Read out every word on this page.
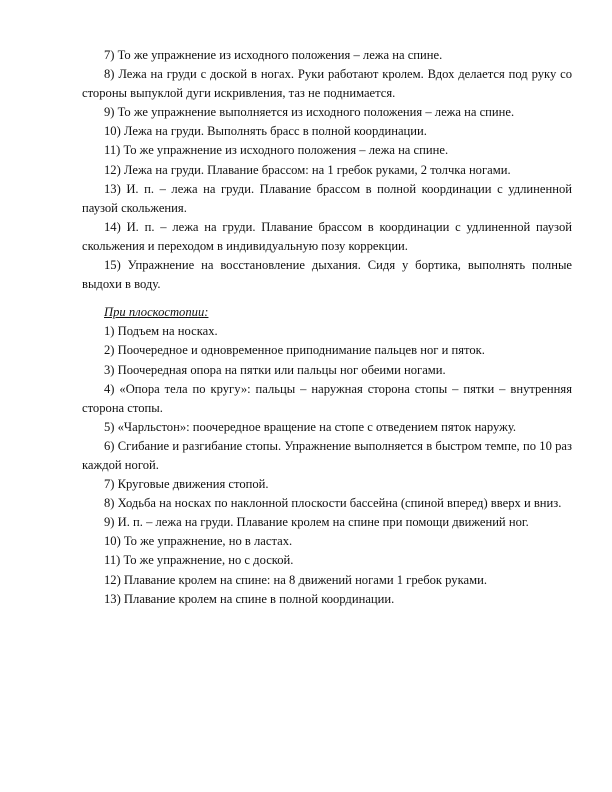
7) То же упражнение из исходного положения – лежа на спине.

8) Лежа на груди с доской в ногах. Руки работают кролем. Вдох делается под руку со стороны выпуклой дуги искривления, таз не поднимается.

9) То же упражнение выполняется из исходного положения – лежа на спине.

10) Лежа на груди. Выполнять брасс в полной координации.

11) То же упражнение из исходного положения – лежа на спине.

12) Лежа на груди. Плавание брассом: на 1 гребок руками, 2 толчка ногами.

13) И. п. – лежа на груди. Плавание брассом в полной координации с удлиненной паузой скольжения.

14) И. п. – лежа на груди. Плавание брассом в координации с удлиненной паузой скольжения и переходом в индивидуальную позу коррекции.

15) Упражнение на восстановление дыхания. Сидя у бортика, выполнять полные выдохи в воду.

При плоскостопии:

1) Подъем на носках.

2) Поочередное и одновременное приподнимание пальцев ног и пяток.

3) Поочередная опора на пятки или пальцы ног обеими ногами.

4) «Опора тела по кругу»: пальцы – наружная сторона стопы – пятки – внутренняя сторона стопы.

5) «Чарльстон»: поочередное вращение на стопе с отведением пяток наружу.

6) Сгибание и разгибание стопы. Упражнение выполняется в быстром темпе, по 10 раз каждой ногой.

7) Круговые движения стопой.

8) Ходьба на носках по наклонной плоскости бассейна (спиной вперед) вверх и вниз.

9) И. п. – лежа на груди. Плавание кролем на спине при помощи движений ног.

10) То же упражнение, но в ластах.

11) То же упражнение, но с доской.

12) Плавание кролем на спине: на 8 движений ногами 1 гребок руками.

13) Плавание кролем на спине в полной координации.
